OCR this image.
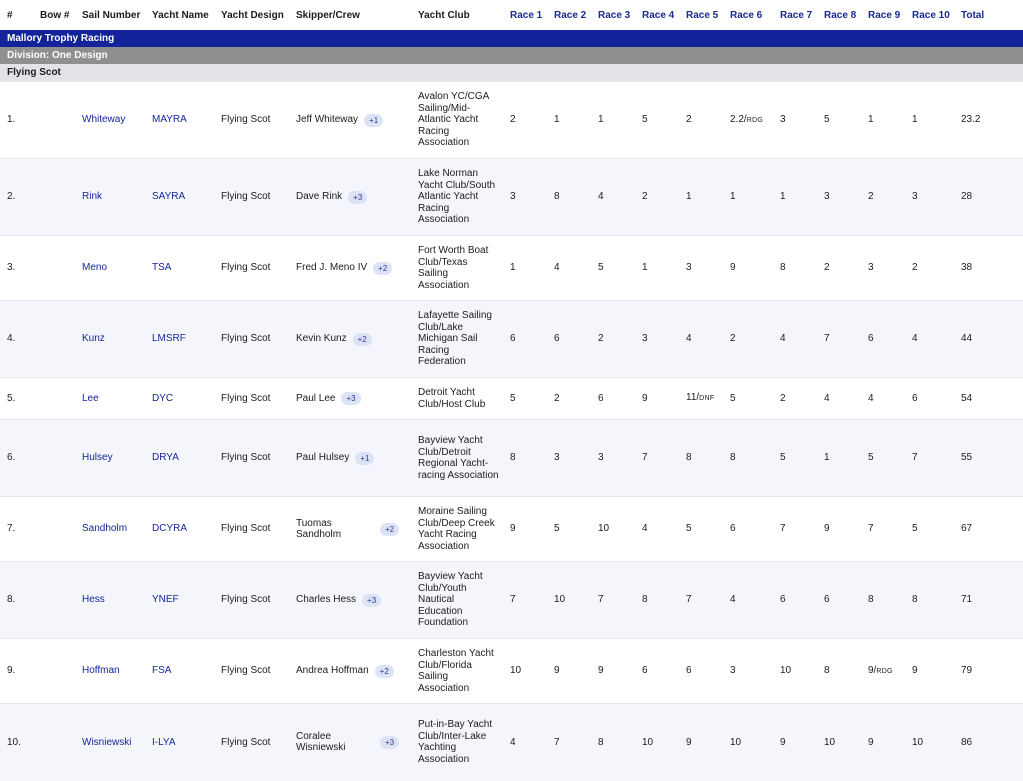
#	Bow #	Sail Number	Yacht Name	Yacht Design	Skipper/Crew	Yacht Club	Race 1	Race 2	Race 3	Race 4	Race 5	Race 6	Race 7	Race 8	Race 9	Race 10	Total
Mallory Trophy Racing																	
Division: One Design																	
Flying Scot																	
1.		Whiteway	MAYRA	Flying Scot	Jeff Whiteway +1	Avalon YC/CGA Sailing/Mid-Atlantic Yacht Racing Association	2	1	1	5	2	2.2/RDG	3	5	1	1	23.2
2.		Rink	SAYRA	Flying Scot	Dave Rink +3	Lake Norman Yacht Club/South Atlantic Yacht Racing Association	3	8	4	2	1	1	1	3	2	3	28
3.		Meno	TSA	Flying Scot	Fred J. Meno IV +2	Fort Worth Boat Club/Texas Sailing Association	1	4	5	1	3	9	8	2	3	2	38
4.		Kunz	LMSRF	Flying Scot	Kevin Kunz +2	Lafayette Sailing Club/Lake Michigan Sail Racing Federation	6	6	2	3	4	2	4	7	6	4	44
5.		Lee	DYC	Flying Scot	Paul Lee +3	Detroit Yacht Club/Host Club	5	2	6	9	11/DNF	5	2	4	4	6	54
6.		Hulsey	DRYA	Flying Scot	Paul Hulsey +1	Bayview Yacht Club/Detroit Regional Yacht-racing Association	8	3	3	7	8	8	5	1	5	7	55
7.		Sandholm	DCYRA	Flying Scot	Tuomas Sandholm +2	Moraine Sailing Club/Deep Creek Yacht Racing Association	9	5	10	4	5	6	7	9	7	5	67
8.		Hess	YNEF	Flying Scot	Charles Hess +3	Bayview Yacht Club/Youth Nautical Education Foundation	7	10	7	8	7	4	6	6	8	8	71
9.		Hoffman	FSA	Flying Scot	Andrea Hoffman +2	Charleston Yacht Club/Florida Sailing Association	10	9	9	6	6	3	10	8	9/RDG	9	79
10.		Wisniewski	I-LYA	Flying Scot	Coralee Wisniewski +3	Put-in-Bay Yacht Club/Inter-Lake Yachting Association	4	7	8	10	9	10	9	10	9	10	86
